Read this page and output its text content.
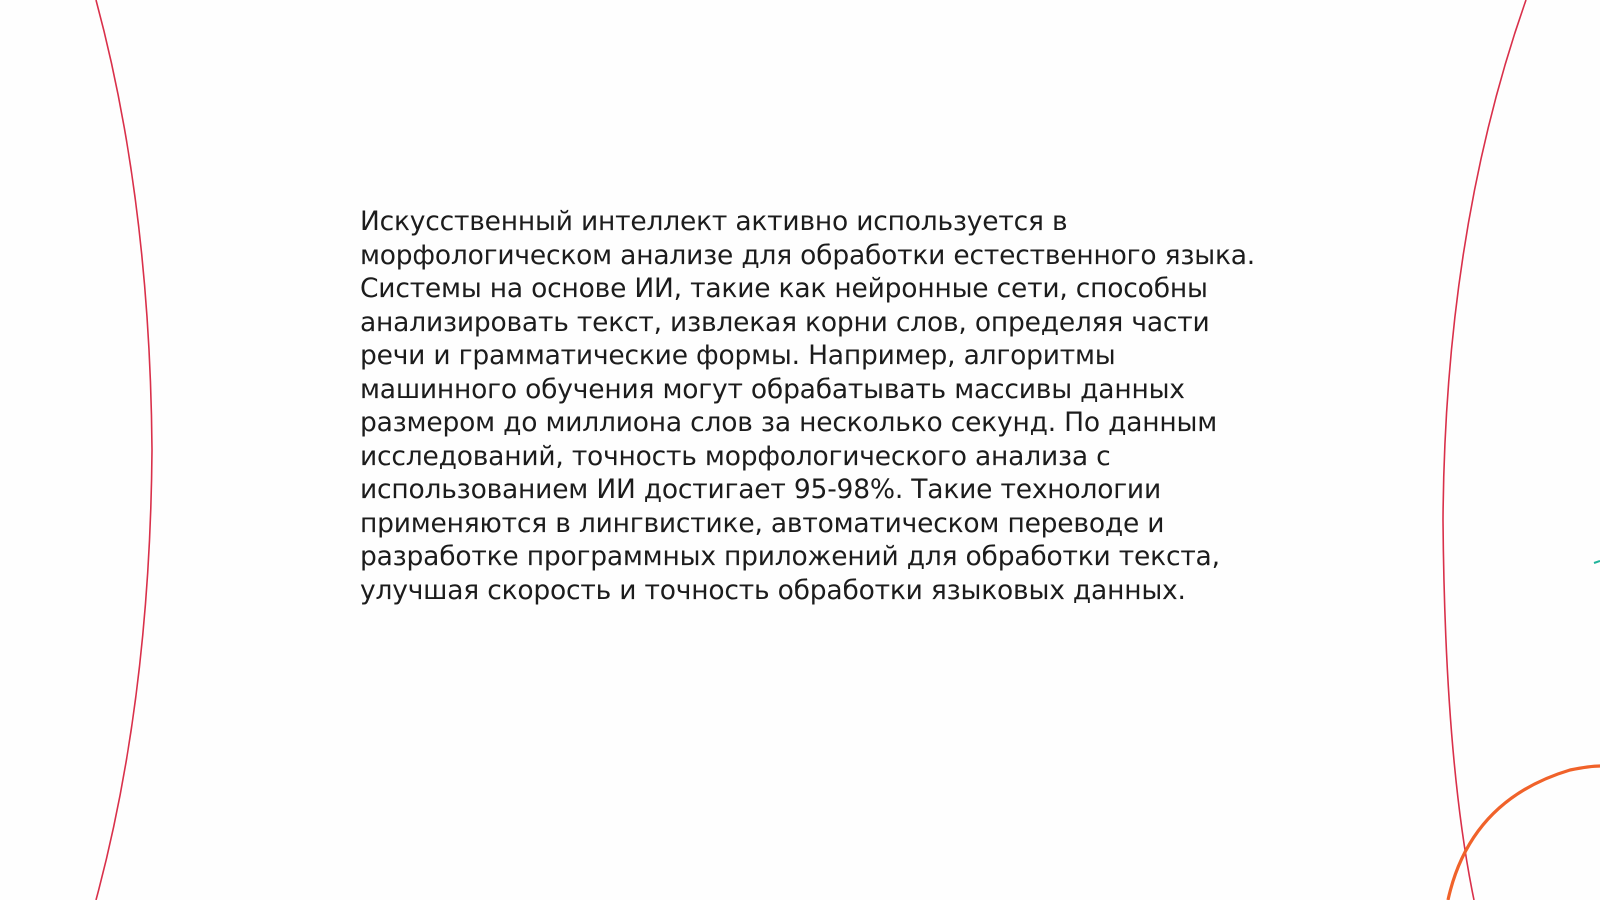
Искусственный интеллект активно используется в
морфологическом анализе для обработки естественного языка.
Системы на основе ИИ, такие как нейронные сети, способны
анализировать текст, извлекая корни слов, определяя части
речи и грамматические формы. Например, алгоритмы
машинного обучения могут обрабатывать массивы данных
размером до миллиона слов за несколько секунд. По данным
исследований, точность морфологического анализа с
использованием ИИ достигает 95-98%. Такие технологии
применяются в лингвистике, автоматическом переводе и
разработке программных приложений для обработки текста,
улучшая скорость и точность обработки языковых данных.
